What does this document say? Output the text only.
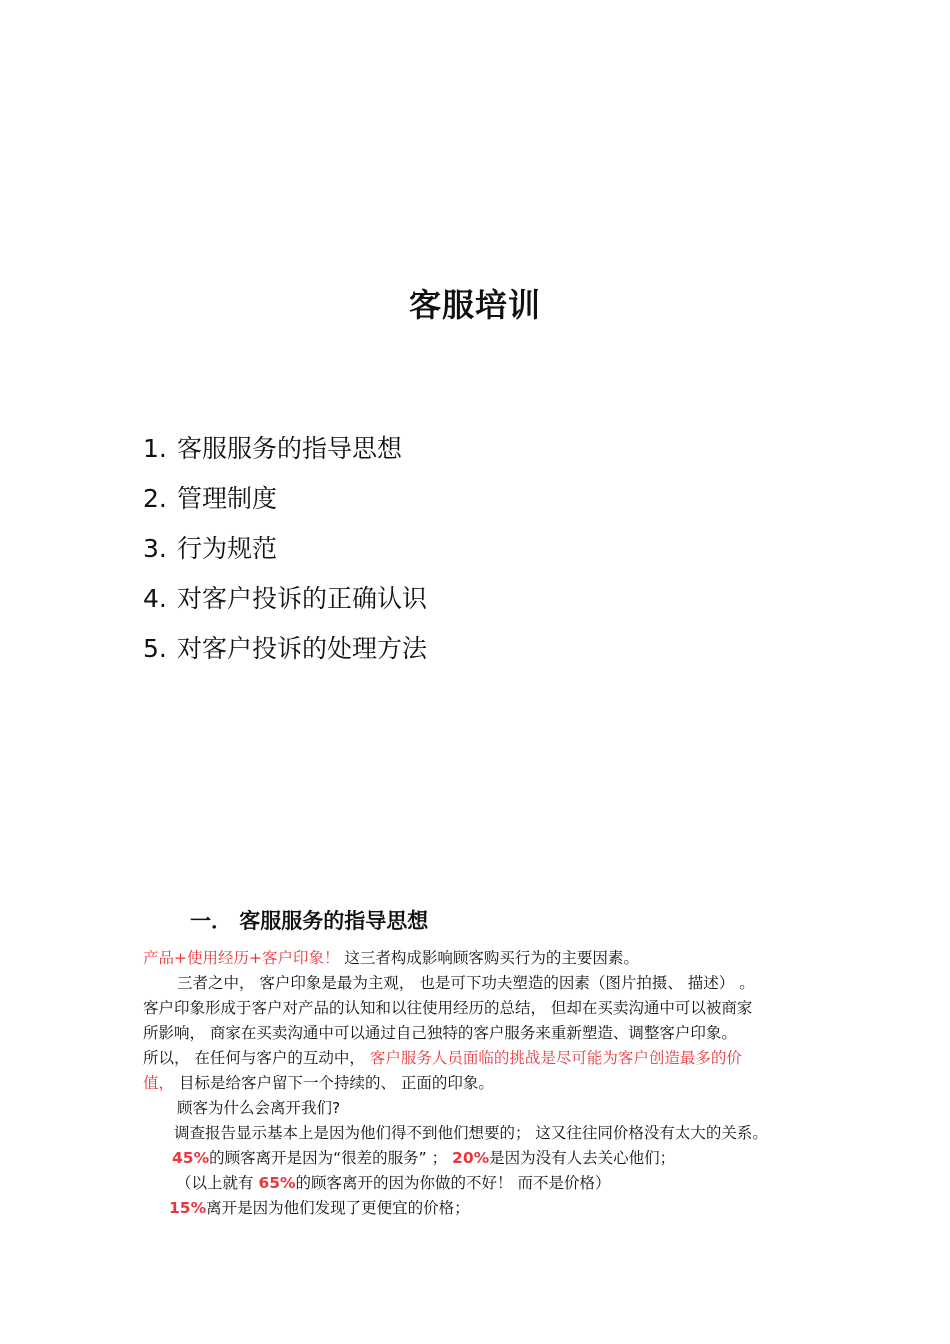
客服培训
1. 客服服务的指导思想
2. 管理制度
3. 行为规范
4. 对客户投诉的正确认识
5. 对客户投诉的处理方法
一． 客服服务的指导思想
产品+使用经历+客户印象！ 这三者构成影响顾客购买行为的主要因素。
三者之中， 客户印象是最为主观， 也是可下功夫塑造的因素（图片拍摄、 描述） 。
客户印象形成于客户对产品的认知和以往使用经历的总结， 但却在买卖沟通中可以被商家
所影响， 商家在买卖沟通中可以通过自己独特的客户服务来重新塑造、调整客户印象。
所以， 在任何与客户的互动中， 客户服务人员面临的挑战是尽可能为客户创造最多的价
值， 目标是给客户留下一个持续的、 正面的印象。
顾客为什么会离开我们?
调查报告显示基本上是因为他们得不到他们想要的； 这又往往同价格没有太大的关系。
45%的顾客离开是因为“很差的服务” ； 20%是因为没有人去关心他们；
（以上就有 65%的顾客离开的因为你做的不好！ 而不是价格）
15%离开是因为他们发现了更便宜的价格；
